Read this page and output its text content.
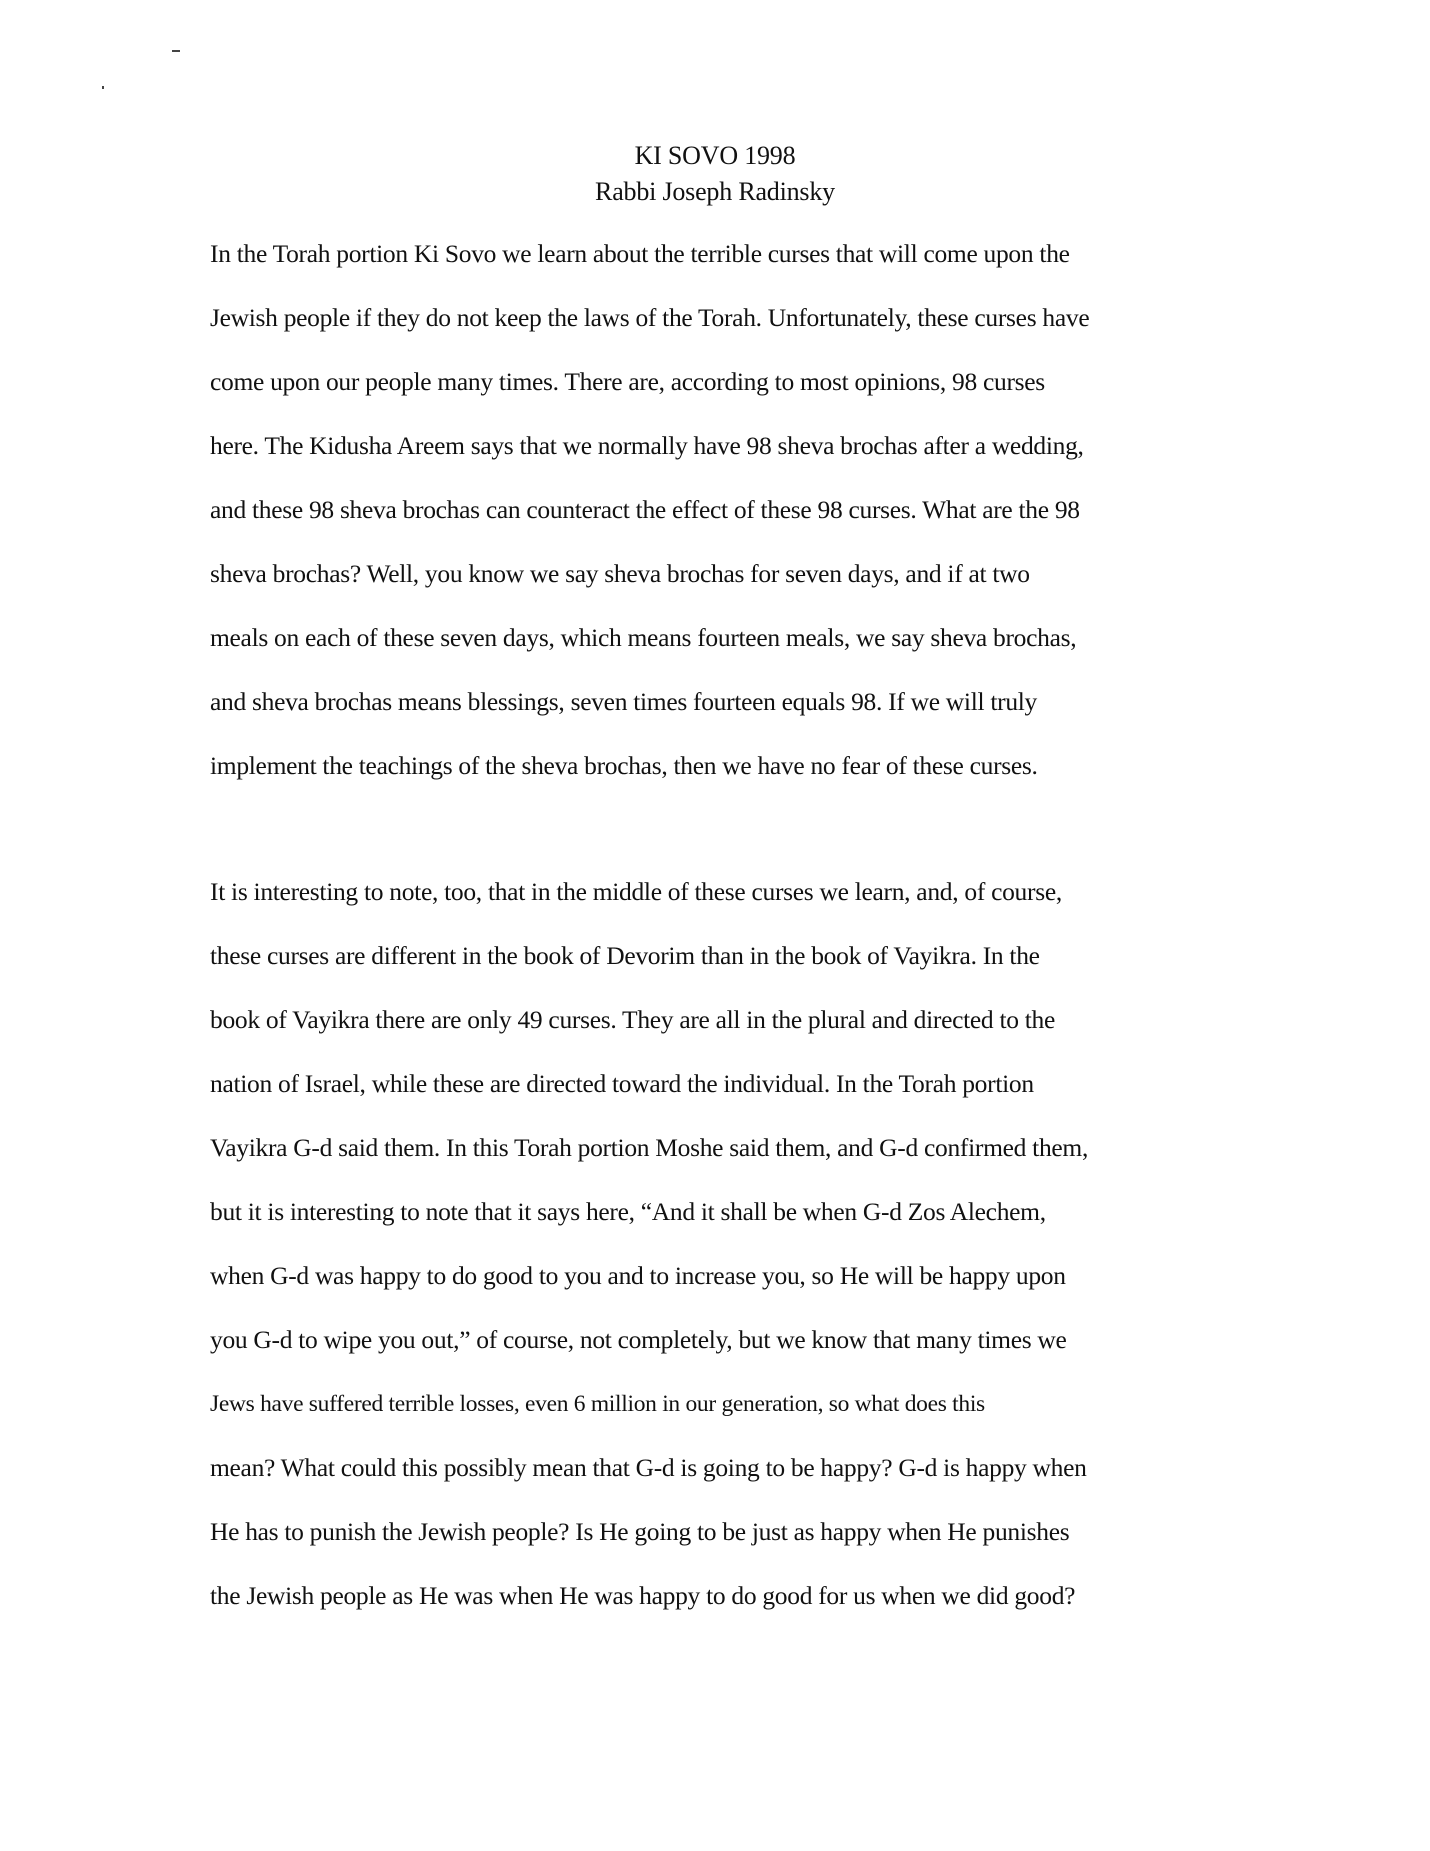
KI SOVO 1998
Rabbi Joseph Radinsky
In the Torah portion Ki Sovo we learn about the terrible curses that will come upon the
Jewish people if they do not keep the laws of the Torah. Unfortunately, these curses have
come upon our people many times. There are, according to most opinions, 98 curses
here. The Kidusha Areem says that we normally have 98 sheva brochas after a wedding,
and these 98 sheva brochas can counteract the effect of these 98 curses. What are the 98
sheva brochas? Well, you know we say sheva brochas for seven days, and if at two
meals on each of these seven days, which means fourteen meals, we say sheva brochas,
and sheva brochas means blessings, seven times fourteen equals 98. If we will truly
implement the teachings of the sheva brochas, then we have no fear of these curses.
It is interesting to note, too, that in the middle of these curses we learn, and, of course,
these curses are different in the book of Devorim than in the book of Vayikra. In the
book of Vayikra there are only 49 curses. They are all in the plural and directed to the
nation of Israel, while these are directed toward the individual. In the Torah portion
Vayikra G-d said them. In this Torah portion Moshe said them, and G-d confirmed them,
but it is interesting to note that it says here, “And it shall be when G-d Zos Alechem,
when G-d was happy to do good to you and to increase you, so He will be happy upon
you G-d to wipe you out,” of course, not completely, but we know that many times we
Jews have suffered terrible losses, even 6 million in our generation, so what does this
mean? What could this possibly mean that G-d is going to be happy? G-d is happy when
He has to punish the Jewish people? Is He going to be just as happy when He punishes
the Jewish people as He was when He was happy to do good for us when we did good?
